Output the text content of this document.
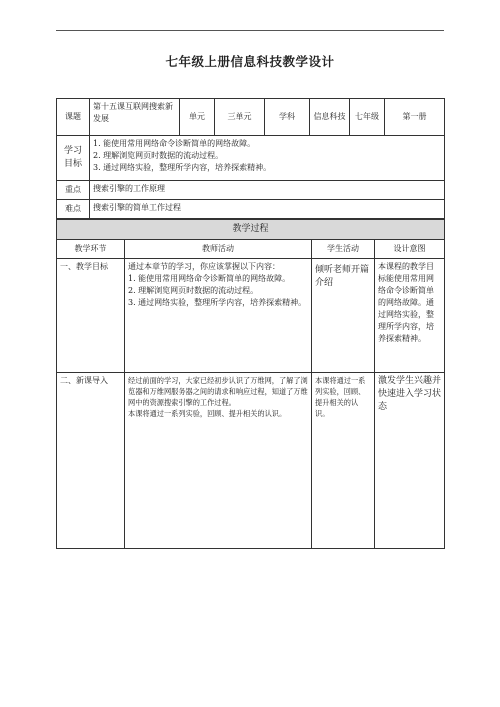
七年级上册信息科技教学设计
课题	第十五课互联网搜索新发展	单元	三单元	学科	信息科技	七年级	第一册
学习目标	1. 能使用常用网络命令诊断简单的网络故障。
2. 理解浏览网页时数据的流动过程。
3. 通过网络实验，整理所学内容，培养探索精神。						

重点	搜索引擎的工作原理						
难点	搜索引擎的简单工作过程						
教学过程			
教学环节	教师活动	学生活动	设计意图
一、教学目标	通过本章节的学习，你应该掌握以下内容：
1. 能使用常用网络命令诊断简单的网络故障。
2. 理解浏览网页时数据的流动过程。
3. 通过网络实验，整理所学内容，培养探索精神。	倾听老师开篇介绍	本课程的教学目标能使用常用网络命令诊断简单的网络故障。通过网络实验，整理所学内容，培养探索精神。
二、新课导入	经过前面的学习，大家已经初步认识了万维网，了解了浏览器和万维网服务器之间的请求和响应过程，知道了万维网中的资源搜索引擎的工作过程。
本课将通过一系列实验，回顾、提升相关的认识。	本课将通过一系列实验，回顾、提升相关的认识。	激发学生兴趣并快速进入学习状态
